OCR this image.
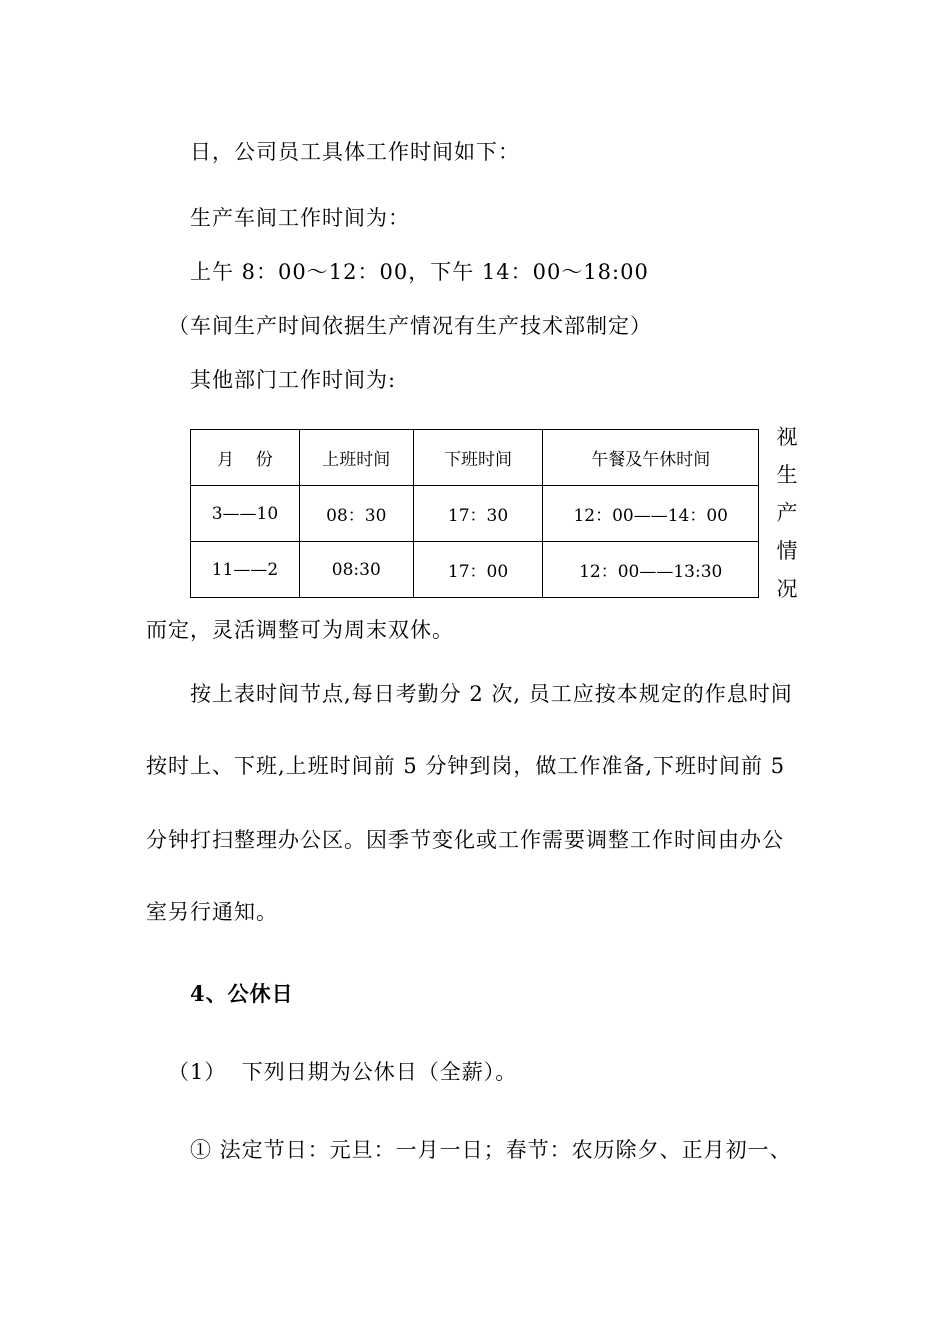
日，公司员工具体工作时间如下：
生产车间工作时间为：
上午 8：00～12：00，下午 14：00～18:00
（车间生产时间依据生产情况有生产技术部制定）
其他部门工作时间为:
月    份	上班时间	下班时间	午餐及午休时间
3——10	08：30	17：30	12：00——14：00
11——2	08:30	17：00	12：00——13:30
视
生
产
情
况
而定，灵活调整可为周末双休。
按上表时间节点,每日考勤分 2 次, 员工应按本规定的作息时间
按时上、下班,上班时间前 5 分钟到岗，做工作准备,下班时间前 5
分钟打扫整理办公区。因季节变化或工作需要调整工作时间由办公
室另行通知。
4、公休日
（1）  下列日期为公休日（全薪）。
① 法定节日：元旦：一月一日；春节：农历除夕、正月初一、
